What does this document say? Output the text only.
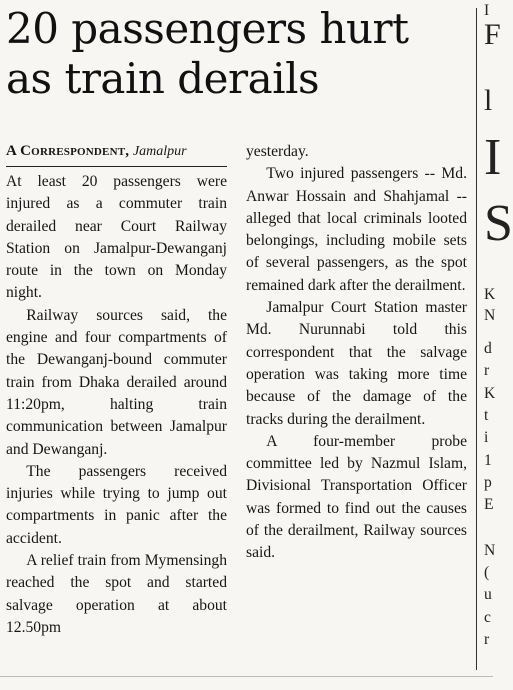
20 passengers hurt
as train derails
A Correspondent, Jamalpur

At least 20 passengers were injured as a commuter train derailed near Court Railway Station on Jamalpur-Dewanganj route in the town on Monday night.

Railway sources said, the engine and four compartments of the Dewanganj-bound commuter train from Dhaka derailed around 11:20pm, halting train communication between Jamalpur and Dewanganj.

The passengers received injuries while trying to jump out compartments in panic after the accident.

A relief train from Mymensingh reached the spot and started salvage operation at about 12.50pm

yesterday.

Two injured passengers -- Md. Anwar Hossain and Shahjamal -- alleged that local criminals looted belongings, including mobile sets of several passengers, as the spot remained dark after the derailment.

Jamalpur Court Station master Md. Nurunnabi told this correspondent that the salvage operation was taking more time because of the damage of the tracks during the derailment.

A four-member probe committee led by Nazmul Islam, Divisional Transportation Officer was formed to find out the causes of the derailment, Railway sources said.

I
F
l
I
S
K
N
d
r
K
t
i
1
p
E
N
(
u
c
r
